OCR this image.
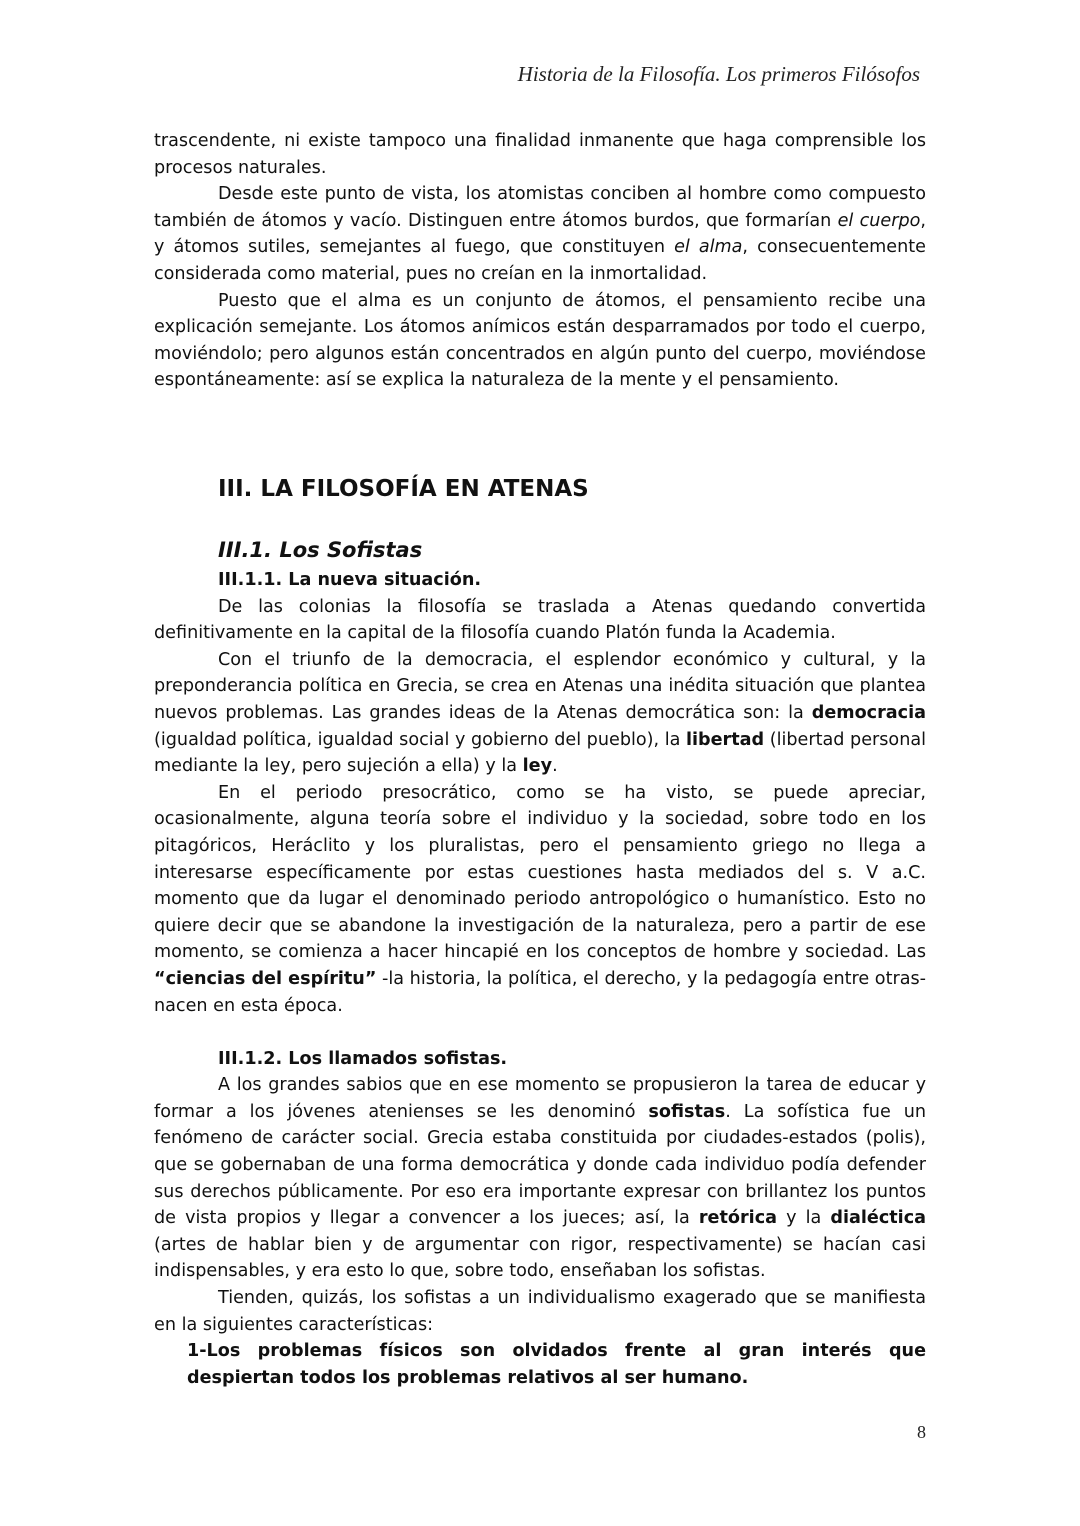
Historia de la Filosofía. Los primeros Filósofos

trascendente, ni existe tampoco una finalidad inmanente que haga comprensible los procesos naturales.

Desde este punto de vista, los atomistas conciben al hombre como compuesto también de átomos y vacío. Distinguen entre átomos burdos, que formarían el cuerpo, y átomos sutiles, semejantes al fuego, que constituyen el alma, consecuentemente considerada como material, pues no creían en la inmortalidad.

Puesto que el alma es un conjunto de átomos, el pensamiento recibe una explicación semejante. Los átomos anímicos están desparramados por todo el cuerpo, moviéndolo; pero algunos están concentrados en algún punto del cuerpo, moviéndose espontáneamente: así se explica la naturaleza de la mente y el pensamiento.

III. LA FILOSOFÍA EN ATENAS
III.1. Los Sofistas

III.1.1. La nueva situación.

De las colonias la filosofía se traslada a Atenas quedando convertida definitivamente en la capital de la filosofía cuando Platón funda la Academia.

Con el triunfo de la democracia, el esplendor económico y cultural, y la preponderancia política en Grecia, se crea en Atenas una inédita situación que plantea nuevos problemas. Las grandes ideas de la Atenas democrática son: la democracia (igualdad política, igualdad social y gobierno del pueblo), la libertad (libertad personal mediante la ley, pero sujeción a ella) y la ley.

En el periodo presocrático, como se ha visto, se puede apreciar, ocasionalmente, alguna teoría sobre el individuo y la sociedad, sobre todo en los pitagóricos, Heráclito y los pluralistas, pero el pensamiento griego no llega a interesarse específicamente por estas cuestiones hasta mediados del s. V a.C. momento que da lugar el denominado periodo antropológico o humanístico. Esto no quiere decir que se abandone la investigación de la naturaleza, pero a partir de ese momento, se comienza a hacer hincapié en los conceptos de hombre y sociedad. Las “ciencias del espíritu” -la historia, la política, el derecho, y la pedagogía entre otras- nacen en esta época.

III.1.2. Los llamados sofistas.

A los grandes sabios que en ese momento se propusieron la tarea de educar y formar a los jóvenes atenienses se les denominó sofistas. La sofística fue un fenómeno de carácter social. Grecia estaba constituida por ciudades-estados (polis), que se gobernaban de una forma democrática y donde cada individuo podía defender sus derechos públicamente. Por eso era importante expresar con brillantez los puntos de vista propios y llegar a convencer a los jueces; así, la retórica y la dialéctica (artes de hablar bien y de argumentar con rigor, respectivamente) se hacían casi indispensables, y era esto lo que, sobre todo, enseñaban los sofistas.

Tienden, quizás, los sofistas a un individualismo exagerado que se manifiesta en la siguientes características:

1-Los problemas físicos son olvidados frente al gran interés que despiertan todos los problemas relativos al ser humano.

8
